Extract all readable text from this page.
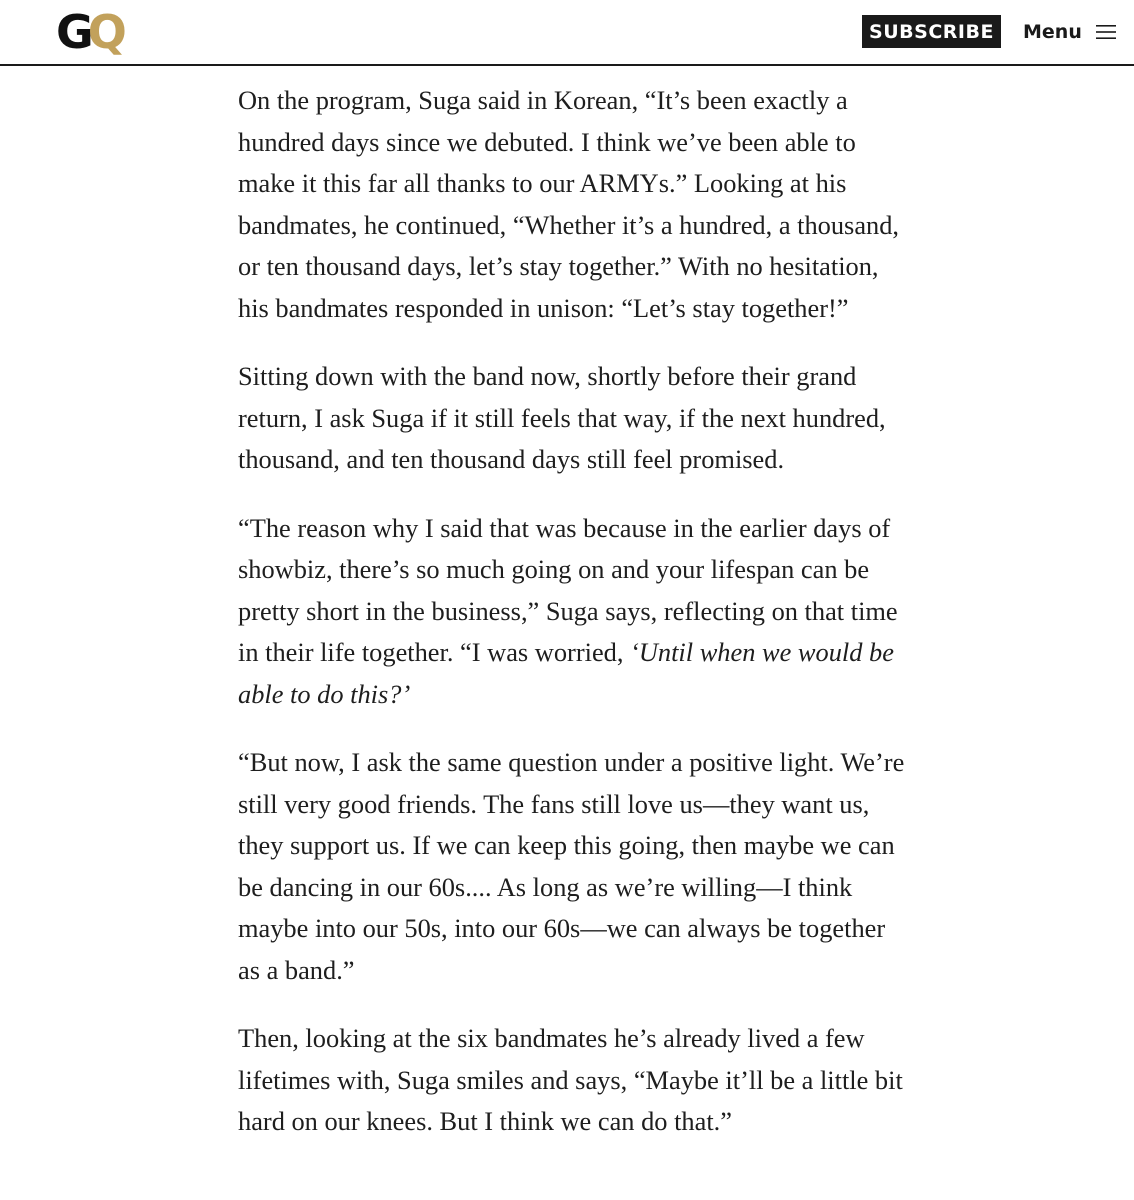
G Q	SUBSCRIBE	Menu

On the program, Suga said in Korean, “It’s been exactly a hundred days since we debuted. I think we’ve been able to make it this far all thanks to our ARMYs.” Looking at his bandmates, he continued, “Whether it’s a hundred, a thousand, or ten thousand days, let’s stay together.” With no hesitation, his bandmates responded in unison: “Let’s stay together!”

Sitting down with the band now, shortly before their grand return, I ask Suga if it still feels that way, if the next hundred, thousand, and ten thousand days still feel promised.

“The reason why I said that was because in the earlier days of showbiz, there’s so much going on and your lifespan can be pretty short in the business,” Suga says, reflecting on that time in their life together. “I was worried, ‘Until when we would be able to do this?’

“But now, I ask the same question under a positive light. We’re still very good friends. The fans still love us—they want us, they support us. If we can keep this going, then maybe we can be dancing in our 60s.... As long as we’re willing—I think maybe into our 50s, into our 60s—we can always be together as a band.”

Then, looking at the six bandmates he’s already lived a few lifetimes with, Suga smiles and says, “Maybe it’ll be a little bit hard on our knees. But I think we can do that.”
